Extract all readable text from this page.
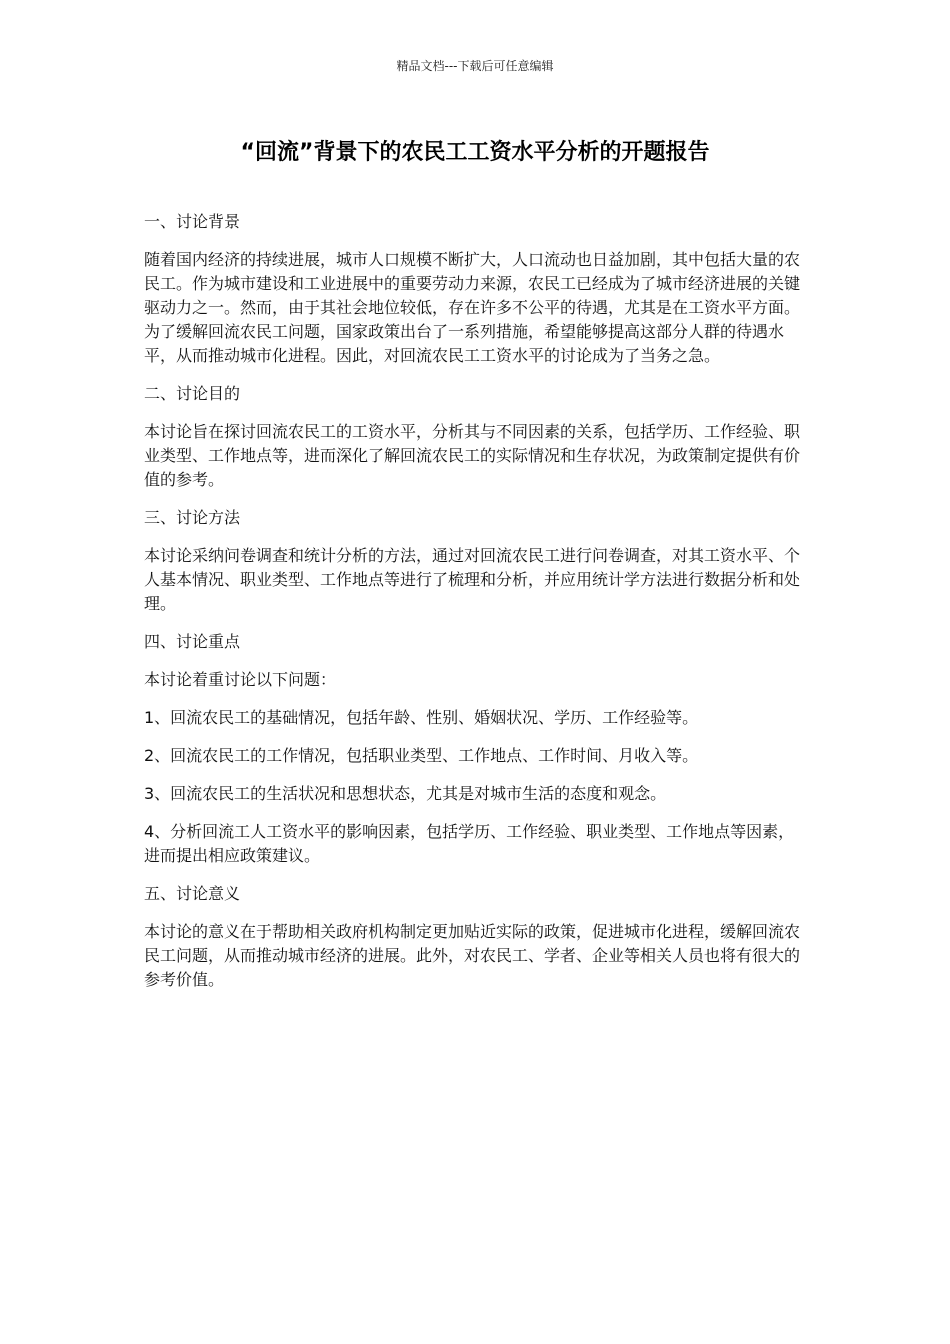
精品文档---下载后可任意编辑
“回流”背景下的农民工工资水平分析的开题报告

一、讨论背景

随着国内经济的持续进展，城市人口规模不断扩大，人口流动也日益加剧，其中包括大量的农民工。作为城市建设和工业进展中的重要劳动力来源，农民工已经成为了城市经济进展的关键驱动力之一。然而，由于其社会地位较低，存在许多不公平的待遇，尤其是在工资水平方面。为了缓解回流农民工问题，国家政策出台了一系列措施，希望能够提高这部分人群的待遇水平，从而推动城市化进程。因此，对回流农民工工资水平的讨论成为了当务之急。

二、讨论目的

本讨论旨在探讨回流农民工的工资水平，分析其与不同因素的关系，包括学历、工作经验、职业类型、工作地点等，进而深化了解回流农民工的实际情况和生存状况，为政策制定提供有价值的参考。

三、讨论方法

本讨论采纳问卷调查和统计分析的方法，通过对回流农民工进行问卷调查，对其工资水平、个人基本情况、职业类型、工作地点等进行了梳理和分析，并应用统计学方法进行数据分析和处理。

四、讨论重点

本讨论着重讨论以下问题：

1、回流农民工的基础情况，包括年龄、性别、婚姻状况、学历、工作经验等。

2、回流农民工的工作情况，包括职业类型、工作地点、工作时间、月收入等。

3、回流农民工的生活状况和思想状态，尤其是对城市生活的态度和观念。

4、分析回流工人工资水平的影响因素，包括学历、工作经验、职业类型、工作地点等因素，进而提出相应政策建议。

五、讨论意义

本讨论的意义在于帮助相关政府机构制定更加贴近实际的政策，促进城市化进程，缓解回流农民工问题，从而推动城市经济的进展。此外，对农民工、学者、企业等相关人员也将有很大的参考价值。
